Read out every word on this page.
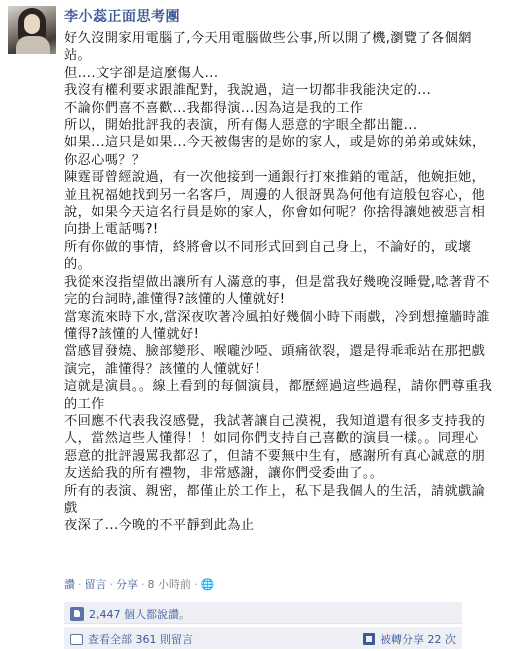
李小蕊正面思考團

好久沒開家用電腦了,今天用電腦做些公事,所以開了機,瀏覽了各個網站。

但....文字卻是這麼傷人...

我沒有權利要求跟誰配對，我說過，這一切都非我能決定的...

不論你們喜不喜歡...我都得演...因為這是我的工作

所以，開始批評我的表演，所有傷人惡意的字眼全都出籠...

如果...這只是如果...今天被傷害的是妳的家人，或是妳的弟弟或妹妹，你忍心嗎？？

陳霆哥曾經說過，有一次他接到一通銀行打來推銷的電話，他婉拒她，並且祝福她找到另一名客戶，周邊的人很訝異為何他有這般包容心，他說，如果今天這名行員是妳的家人，你會如何呢？你捨得讓她被惡言相向掛上電話嗎?!

所有你做的事情，終將會以不同形式回到自己身上，不論好的，或壞的。

我從來沒指望做出讓所有人滿意的事，但是當我好幾晚沒睡覺,唸著背不完的台詞時,誰懂得?該懂的人懂就好!

當寒流來時下水,當深夜吹著冷風拍好幾個小時下雨戲，冷到想撞牆時誰懂得?該懂的人懂就好!

當感冒發燒、臉部變形、喉嚨沙啞、頭痛欲裂，還是得乖乖站在那把戲演完，誰懂得？該懂的人懂就好！

這就是演員。。線上看到的每個演員，都歷經過這些過程，請你們尊重我的工作

不回應不代表我沒感覺，我試著讓自己漠視，我知道還有很多支持我的人，當然這些人懂得！！如同你們支持自己喜歡的演員一樣。。同理心

惡意的批評謾罵我都忍了，但請不要無中生有，感謝所有真心誠意的朋友送給我的所有禮物，非常感謝，讓你們受委曲了。。

所有的表演、親密，都僅止於工作上，私下是我個人的生活，請就戲論戲

夜深了...今晚的不平靜到此為止

讚 · 留言 · 分享 · 8 小時前 · 🌐
2,447 個人都說讚。
查看全部 361 則留言	被轉分享 22 次
